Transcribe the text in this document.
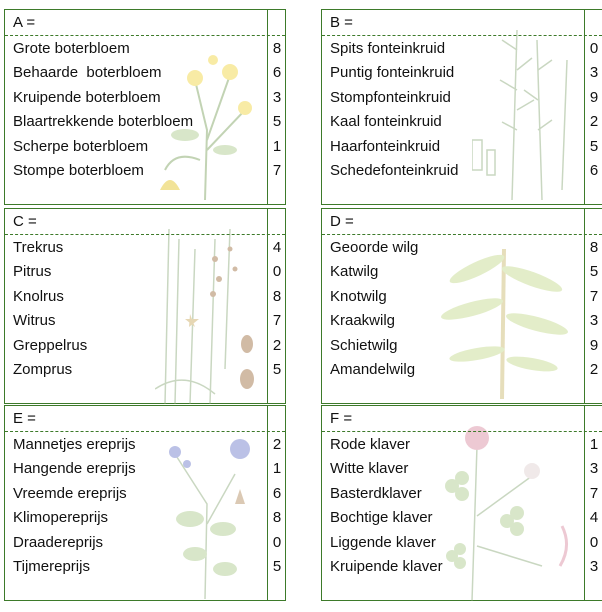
A =
Grote boterbloem	8
Behaarde  boterbloem	6
Kruipende boterbloem	3
Blaartrekkende boterbloem	5
Scherpe boterbloem	1
Stompe boterbloem	7
B =
Spits fonteinkruid	0
Puntig fonteinkruid	3
Stompfonteinkruid	9
Kaal fonteinkruid	2
Haarfonteinkruid	5
Schedefonteinkruid	6
C =
Trekrus	4
Pitrus	0
Knolrus	8
Witrus	7
Greppelrus	2
Zomprus	5
D =
Geoorde wilg	8
Katwilg	5
Knotwilg	7
Kraakwilg	3
Schietwilg	9
Amandelwilg	2
E =
Mannetjes ereprijs	2
Hangende ereprijs	1
Vreemde ereprijs	6
Klimopereprijs	8
Draadereprijs	0
Tijmereprijs	5
F =
Rode klaver	1
Witte klaver	3
Basterdklaver	7
Bochtige klaver	4
Liggende klaver	0
Kruipende klaver	3
